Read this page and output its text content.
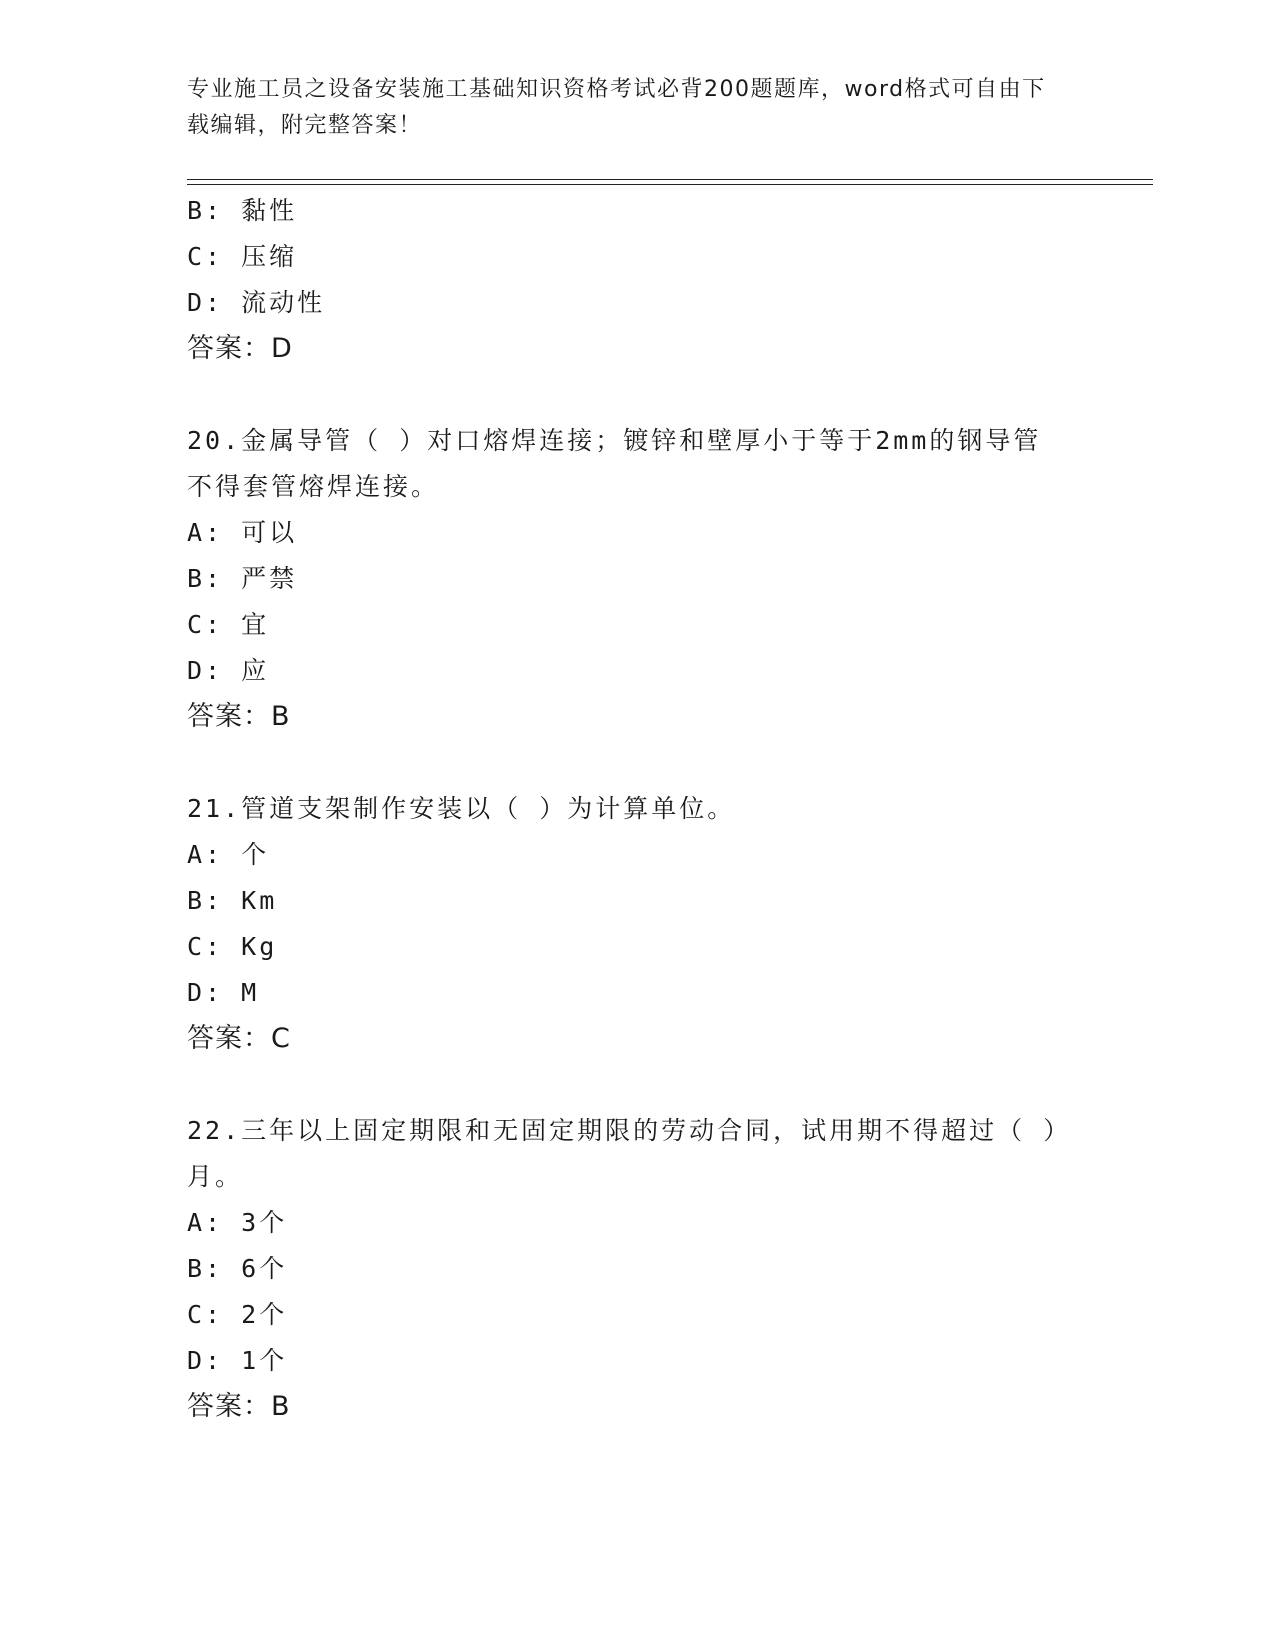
专业施工员之设备安装施工基础知识资格考试必背200题题库，word格式可自由下载编辑，附完整答案！
B: 黏性
C: 压缩
D: 流动性
答案：D
20.金属导管（ ）对口熔焊连接；镀锌和壁厚小于等于2mm的钢导管不得套管熔焊连接。
A: 可以
B: 严禁
C: 宜
D: 应
答案：B
21.管道支架制作安装以（ ）为计算单位。
A: 个
B: Km
C: Kg
D: M
答案：C
22.三年以上固定期限和无固定期限的劳动合同，试用期不得超过（ ）月。
A: 3个
B: 6个
C: 2个
D: 1个
答案：B
